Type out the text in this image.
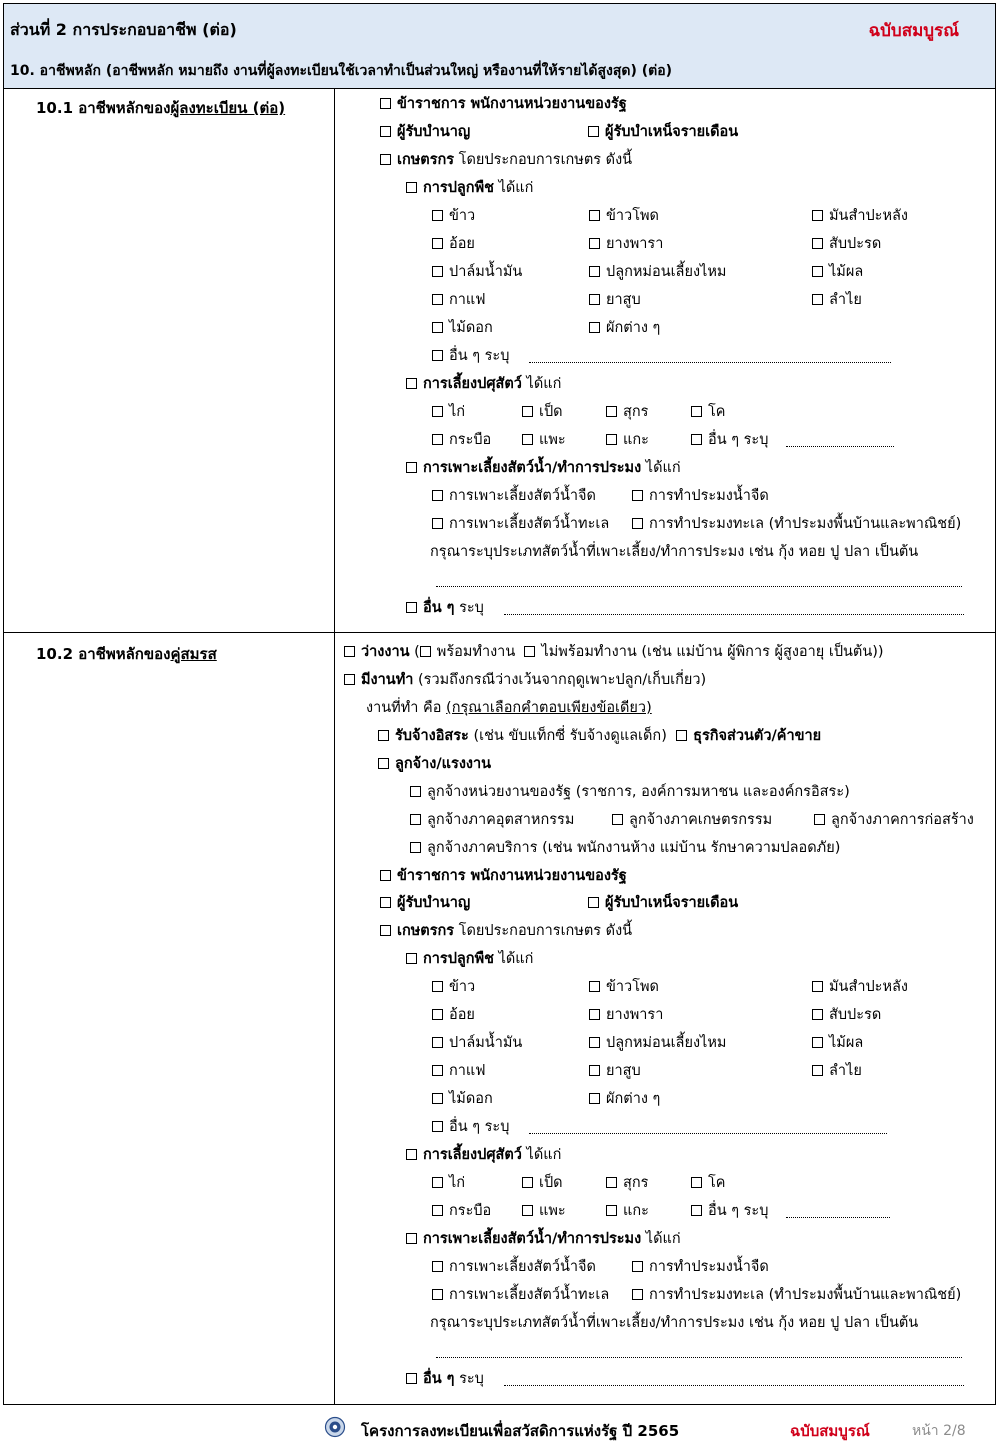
ส่วนที่ 2 การประกอบอาชีพ (ต่อ)	ฉบับสมบูรณ์
10. อาชีพหลัก (อาชีพหลัก หมายถึง งานที่ผู้ลงทะเบียนใช้เวลาทำเป็นส่วนใหญ่ หรืองานที่ให้รายได้สูงสุด) (ต่อ)
10.1 อาชีพหลักของผู้ลงทะเบียน (ต่อ)
10.2 อาชีพหลักของคู่สมรส
ข้าราชการ พนักงานหน่วยงานของรัฐ
ผู้รับบำนาญ	ผู้รับบำเหน็จรายเดือน
เกษตรกร โดยประกอบการเกษตร ดังนี้
การปลูกพืช ได้แก่
ข้าว	ข้าวโพด	มันสำปะหลัง
อ้อย	ยางพารา	สับปะรด
ปาล์มน้ำมัน	ปลูกหม่อนเลี้ยงไหม	ไม้ผล
กาแฟ	ยาสูบ	ลำไย
ไม้ดอก	ผักต่าง ๆ
อื่น ๆ ระบุ
การเลี้ยงปศุสัตว์ ได้แก่
ไก่	เป็ด	สุกร	โค
กระบือ	แพะ	แกะ	อื่น ๆ ระบุ
การเพาะเลี้ยงสัตว์น้ำ/ทำการประมง ได้แก่
การเพาะเลี้ยงสัตว์น้ำจืด	การทำประมงน้ำจืด
การเพาะเลี้ยงสัตว์น้ำทะเล	การทำประมงทะเล (ทำประมงพื้นบ้านและพาณิชย์)
กรุณาระบุประเภทสัตว์น้ำที่เพาะเลี้ยง/ทำการประมง เช่น กุ้ง หอย ปู ปลา เป็นต้น
อื่น ๆ ระบุ
ว่างงาน ( พร้อมทำงาน ไม่พร้อมทำงาน (เช่น แม่บ้าน ผู้พิการ ผู้สูงอายุ เป็นต้น))
มีงานทำ (รวมถึงกรณีว่างเว้นจากฤดูเพาะปลูก/เก็บเกี่ยว)
งานที่ทำ คือ (กรุณาเลือกคำตอบเพียงข้อเดียว)
รับจ้างอิสระ (เช่น ขับแท็กซี่ รับจ้างดูแลเด็ก) ธุรกิจส่วนตัว/ค้าขาย
ลูกจ้าง/แรงงาน
ลูกจ้างหน่วยงานของรัฐ (ราชการ, องค์การมหาชน และองค์กรอิสระ)
ลูกจ้างภาคอุตสาหกรรม	ลูกจ้างภาคเกษตรกรรม	ลูกจ้างภาคการก่อสร้าง
ลูกจ้างภาคบริการ (เช่น พนักงานห้าง แม่บ้าน รักษาความปลอดภัย)
ข้าราชการ พนักงานหน่วยงานของรัฐ
ผู้รับบำนาญ	ผู้รับบำเหน็จรายเดือน
เกษตรกร โดยประกอบการเกษตร ดังนี้
การปลูกพืช ได้แก่
ข้าว	ข้าวโพด	มันสำปะหลัง
อ้อย	ยางพารา	สับปะรด
ปาล์มน้ำมัน	ปลูกหม่อนเลี้ยงไหม	ไม้ผล
กาแฟ	ยาสูบ	ลำไย
ไม้ดอก	ผักต่าง ๆ
อื่น ๆ ระบุ
การเลี้ยงปศุสัตว์ ได้แก่
ไก่	เป็ด	สุกร	โค
กระบือ	แพะ	แกะ	อื่น ๆ ระบุ
การเพาะเลี้ยงสัตว์น้ำ/ทำการประมง ได้แก่
การเพาะเลี้ยงสัตว์น้ำจืด	การทำประมงน้ำจืด
การเพาะเลี้ยงสัตว์น้ำทะเล	การทำประมงทะเล (ทำประมงพื้นบ้านและพาณิชย์)
กรุณาระบุประเภทสัตว์น้ำที่เพาะเลี้ยง/ทำการประมง เช่น กุ้ง หอย ปู ปลา เป็นต้น
อื่น ๆ ระบุ
โครงการลงทะเบียนเพื่อสวัสดิการแห่งรัฐ ปี 2565	ฉบับสมบูรณ์	หน้า 2/8
